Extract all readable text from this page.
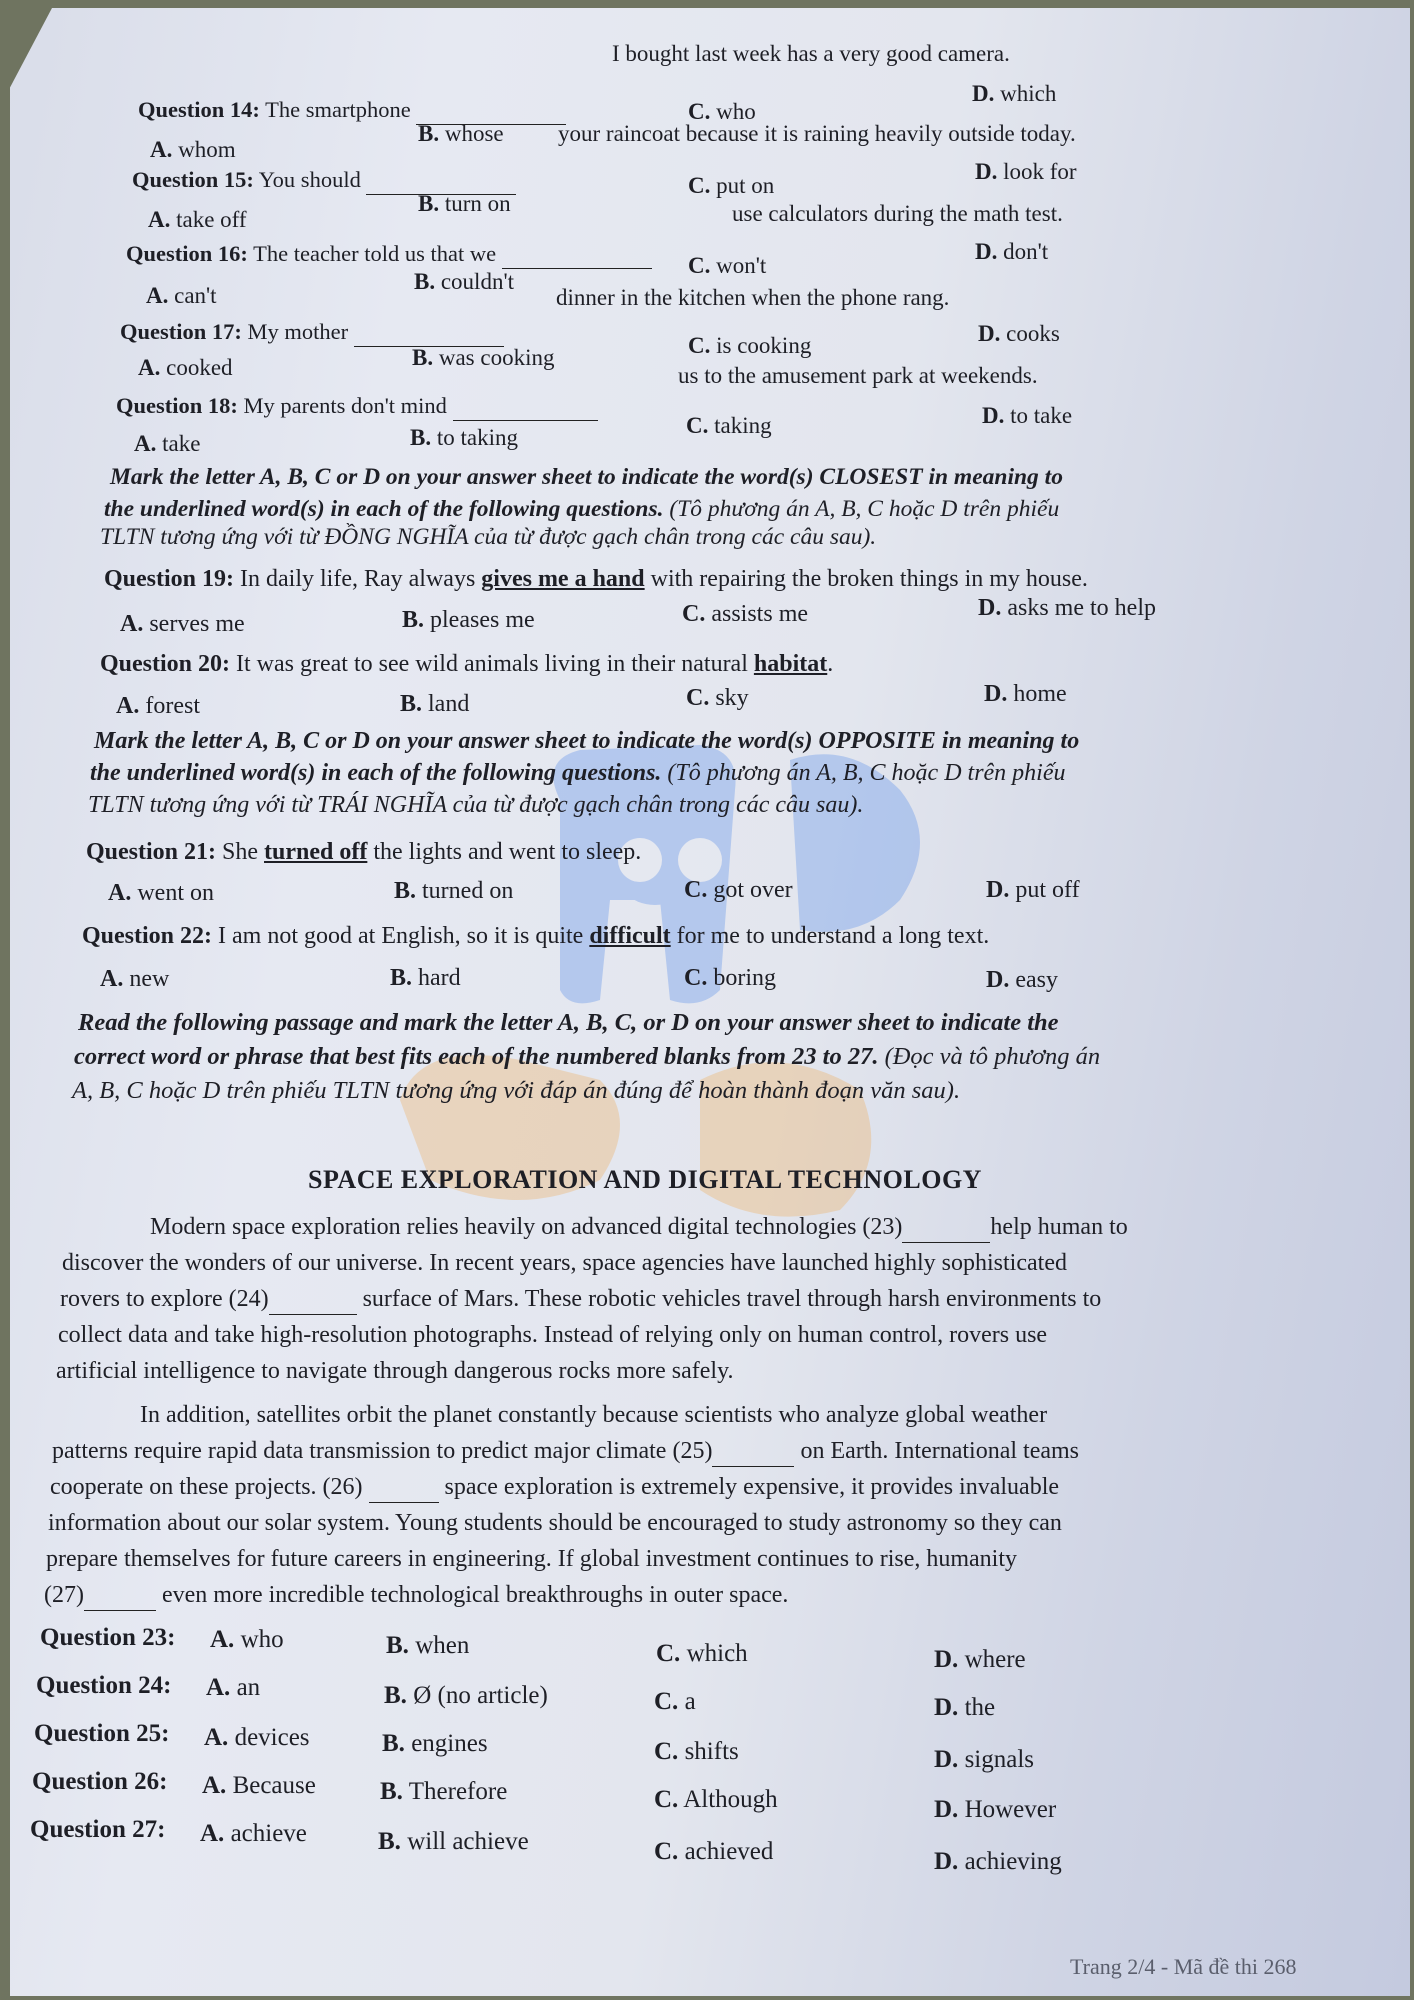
Question 14: The smartphone
I bought last week has a very good camera.
A. whom
B. whose
C. who
D. which
Question 15: You should
your raincoat because it is raining heavily outside today.
A. take off
B. turn on
C. put on
D. look for
Question 16: The teacher told us that we
use calculators during the math test.
A. can't
B. couldn't
C. won't
D. don't
Question 17: My mother
dinner in the kitchen when the phone rang.
A. cooked	B. was cooking	C. is cooking	D. cooks
Question 18: My parents don't mind
us to the amusement park at weekends.
A. take	B. to taking	C. taking	D. to take
Mark the letter A, B, C or D on your answer sheet to indicate the word(s) CLOSEST in meaning to
the underlined word(s) in each of the following questions. (Tô phương án A, B, C hoặc D trên phiếu
TLTN tương ứng với từ ĐỒNG NGHĨA của từ được gạch chân trong các câu sau).
Question 19: In daily life, Ray always gives me a hand with repairing the broken things in my house.
A. serves me	B. pleases me	C. assists me	D. asks me to help
Question 20: It was great to see wild animals living in their natural habitat.
A. forest	B. land	C. sky	D. home
Mark the letter A, B, C or D on your answer sheet to indicate the word(s) OPPOSITE in meaning to
the underlined word(s) in each of the following questions. (Tô phương án A, B, C hoặc D trên phiếu
TLTN tương ứng với từ TRÁI NGHĨA của từ được gạch chân trong các câu sau).
Question 21: She turned off the lights and went to sleep.
A. went on	B. turned on	C. got over	D. put off
Question 22: I am not good at English, so it is quite difficult for me to understand a long text.
A. new	B. hard	C. boring	D. easy
Read the following passage and mark the letter A, B, C, or D on your answer sheet to indicate the
correct word or phrase that best fits each of the numbered blanks from 23 to 27. (Đọc và tô phương án
A, B, C hoặc D trên phiếu TLTN tương ứng với đáp án đúng để hoàn thành đoạn văn sau).
SPACE EXPLORATION AND DIGITAL TECHNOLOGY
Modern space exploration relies heavily on advanced digital technologies (23)	help human to
discover the wonders of our universe. In recent years, space agencies have launched highly sophisticated
rovers to explore (24)	surface of Mars. These robotic vehicles travel through harsh environments to
collect data and take high-resolution photographs. Instead of relying only on human control, rovers use
artificial intelligence to navigate through dangerous rocks more safely.
In addition, satellites orbit the planet constantly because scientists who analyze global weather
patterns require rapid data transmission to predict major climate (25)	on Earth. International teams
cooperate on these projects. (26)	space exploration is extremely expensive, it provides invaluable
information about our solar system. Young students should be encouraged to study astronomy so they can
prepare themselves for future careers in engineering. If global investment continues to rise, humanity
(27)	even more incredible technological breakthroughs in outer space.
Question 23: A. who	B. when	C. which	D. where
Question 24: A. an	B. Ø (no article)	C. a	D. the
Question 25: A. devices	B. engines	C. shifts	D. signals
Question 26: A. Because	B. Therefore	C. Although	D. However
Question 27: A. achieve	B. will achieve	C. achieved	D. achieving
Trang 2/4 - Mã đề thi 268
